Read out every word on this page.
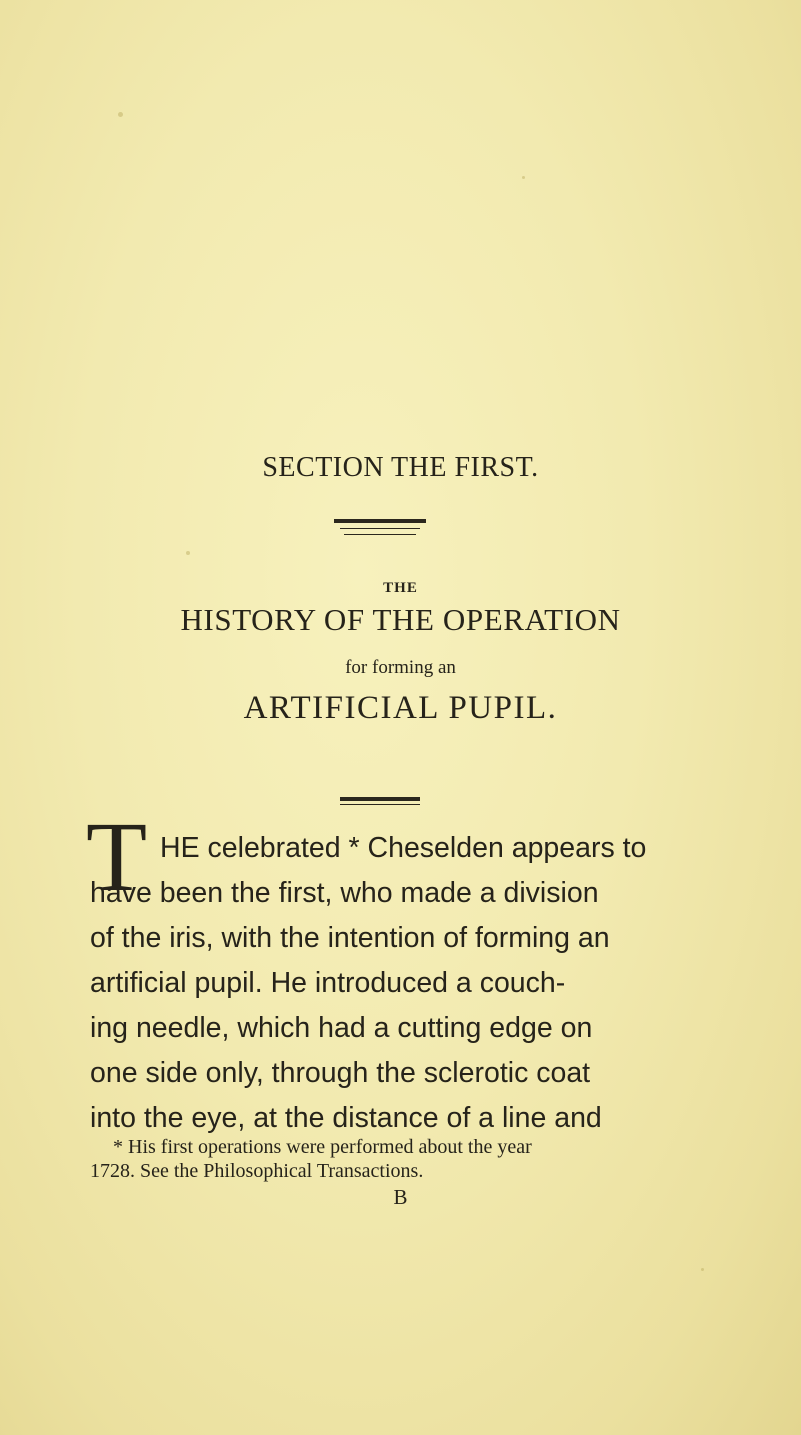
SECTION THE FIRST.
THE
HISTORY OF THE OPERATION
for forming an
ARTIFICIAL PUPIL.
T HE celebrated * Cheselden appears to
have been the first, who made a division
of the iris, with the intention of forming an
artificial pupil. He introduced a couch-
ing needle, which had a cutting edge on
one side only, through the sclerotic coat
into the eye, at the distance of a line and
* His first operations were performed about the year
1728. See the Philosophical Transactions.
B
